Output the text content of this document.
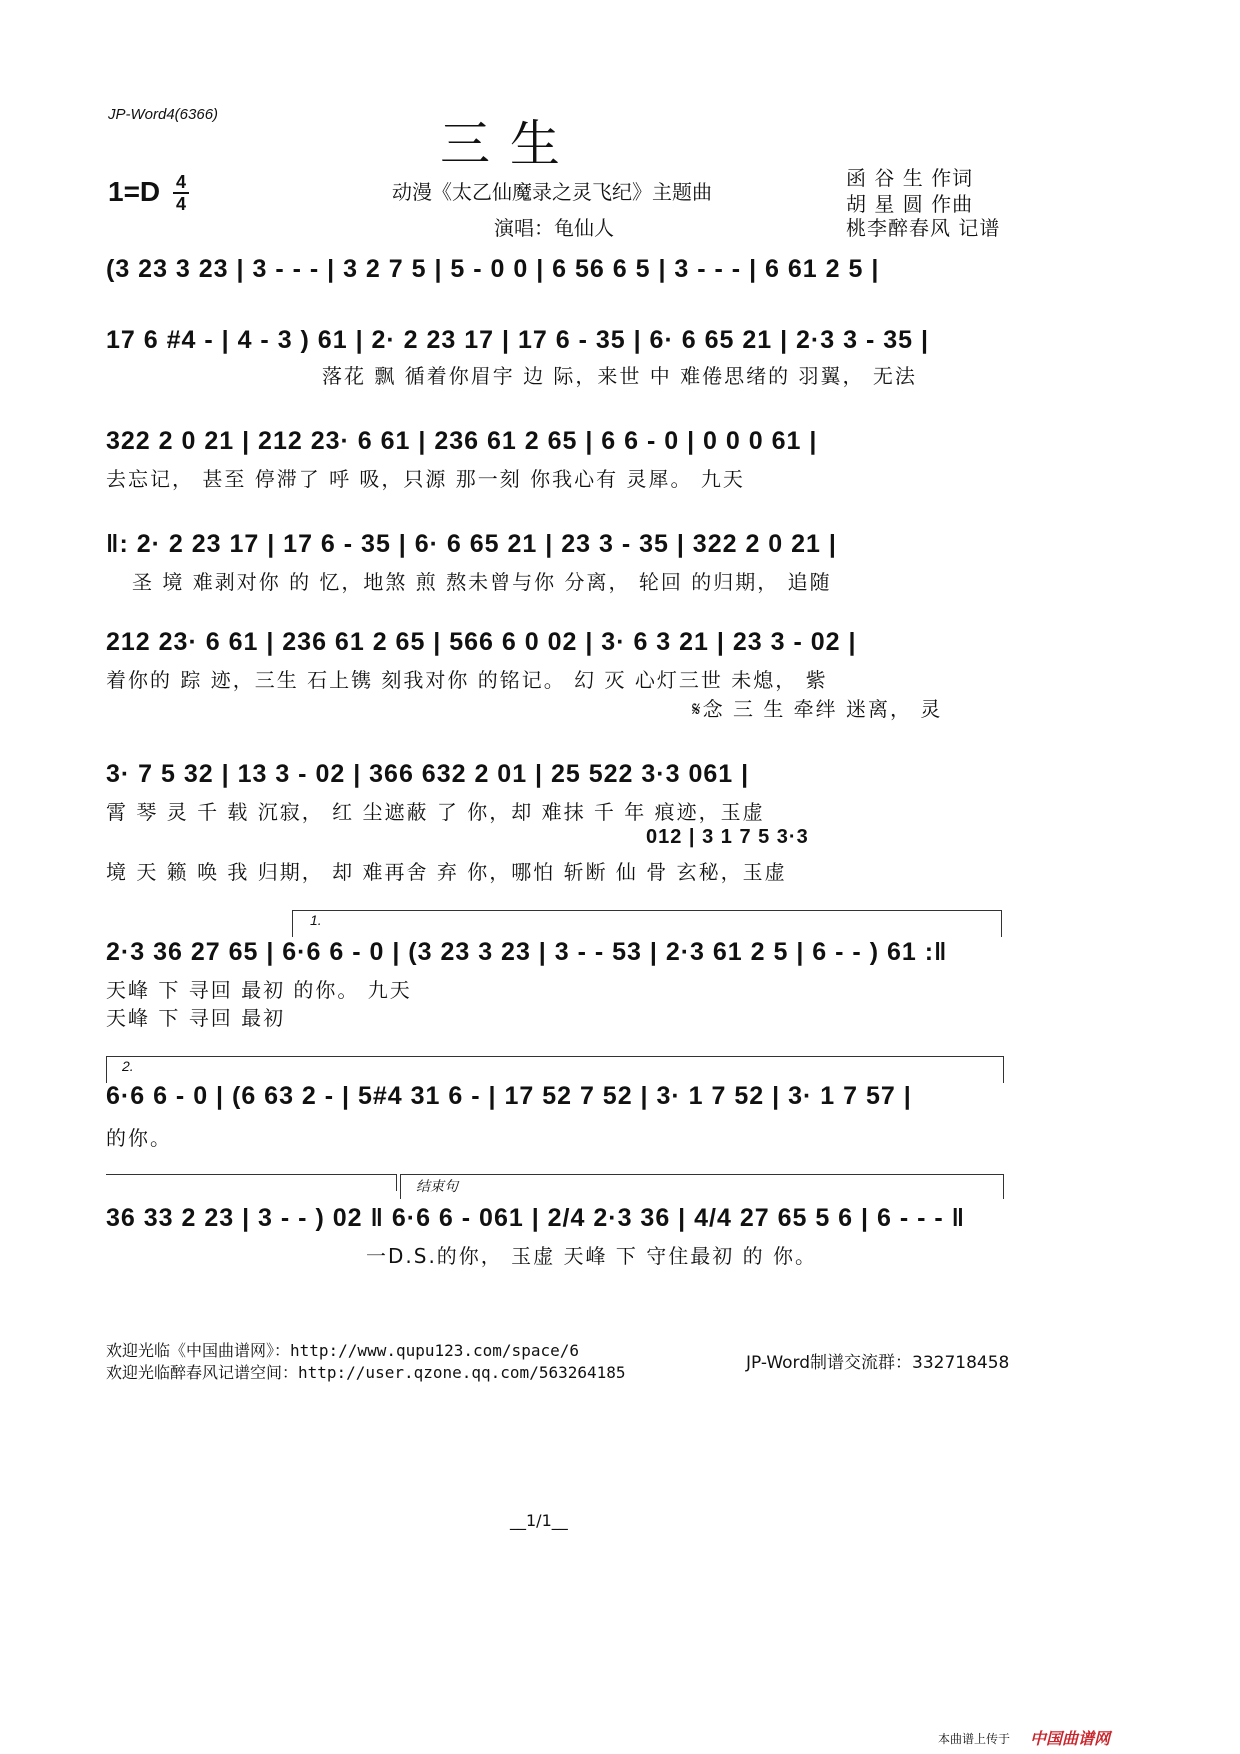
JP-Word4(6366)
三 生
1=D 4
4	动漫《太乙仙魔录之灵飞纪》主题曲
演唱：龟仙人
函 谷 生 作词
胡 星 圆 作曲
桃李醉春风 记谱
(3 23 3 23 | 3 - - - | 3 2 7 5 | 5 - 0 0 | 6 56 6 5 | 3 - - - | 6 61 2 5 |
17 6 #4 - | 4 - 3 ) 61 | 2· 2 23 17 | 17 6 - 35 | 6· 6 65 21 | 2·3 3 - 35 |
落花 飘 循着你眉宇 边 际，来世 中 难倦思绪的 羽翼， 无法
322 2 0 21 | 212 23· 6 61 | 236 61 2 65 | 6 6 - 0 | 0 0 0 61 |
去忘记， 甚至 停滞了 呼 吸，只源 那一刻 你我心有 灵犀。 九天
‖: 2· 2 23 17 | 17 6 - 35 | 6· 6 65 21 | 23 3 - 35 | 322 2 0 21 |
圣 境 难剥对你 的 忆，地煞 煎 熬未曾与你 分离， 轮回 的归期， 追随
212 23· 6 61 | 236 61 2 65 | 566 6 0 02 | 3· 6 3 21 | 23 3 - 02 |
着你的 踪 迹，三生 石上镌 刻我对你 的铭记。 幻 灭 心灯三世 未熄， 紫
𝄋念 三 生 牵绊 迷离， 灵
3· 7 5 32 | 13 3 - 02 | 366 632 2 01 | 25 522 3·3 061 |
霄 琴 灵 千 载 沉寂， 红 尘遮蔽 了 你，却 难抹 千 年 痕迹，玉虚
012 | 3 1 7 5 3·3
境 天 籁 唤 我 归期， 却 难再舍 弃 你，哪怕 斩断 仙 骨 玄秘，玉虚
1.
2·3 36 27 65 | 6·6 6 - 0 | (3 23 3 23 | 3 - - 53 | 2·3 61 2 5 | 6 - - ) 61 :‖
天峰 下 寻回 最初 的你。 九天
天峰 下 寻回 最初
2.
6·6 6 - 0 | (6 63 2 - | 5#4 31 6 - | 17 52 7 52 | 3· 1 7 52 | 3· 1 7 57 |
的你。
结束句
36 33 2 23 | 3 - - ) 02 ‖ 6·6 6 - 061 | 2/4 2·3 36 | 4/4 27 65 5 6 | 6 - - - ‖
一D.S.的你， 玉虚 天峰 下 守住最初 的 你。
欢迎光临《中国曲谱网》：http://www.qupu123.com/space/6
欢迎光临醉春风记谱空间：http://user.qzone.qq.com/563264185	JP-Word制谱交流群：332718458
__1/1__
本曲谱上传于 中国曲谱网
